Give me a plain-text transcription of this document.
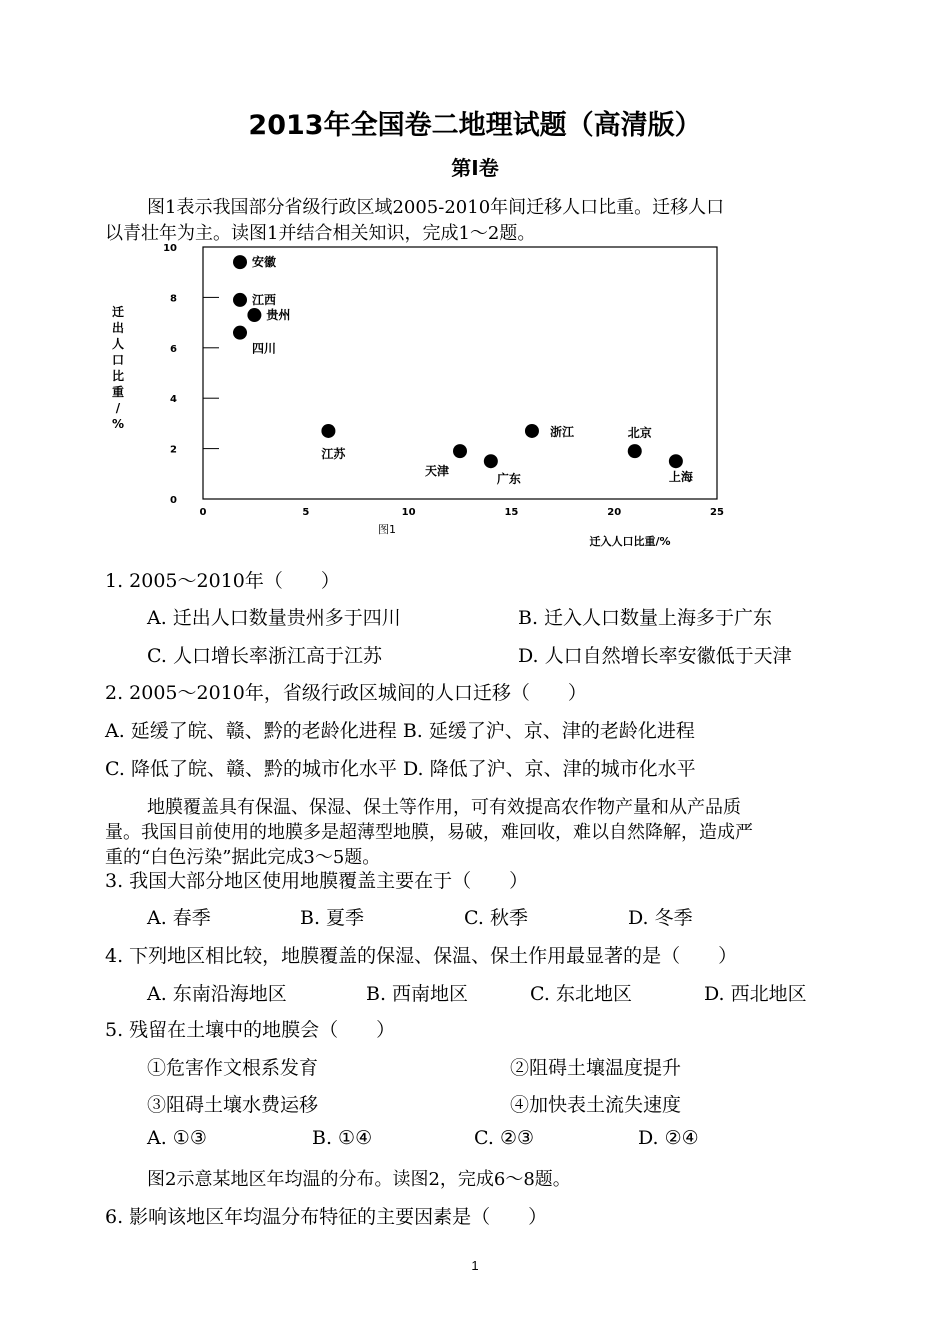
2013年全国卷二地理试题（高清版）
第Ⅰ卷
图1表示我国部分省级行政区域2005-2010年间迁移人口比重。迁移人口
以青壮年为主。读图1并结合相关知识，完成1～2题。
0
2
4
6
8
10
0	5	10	15	20	25
迁
出
人
口
比
重
/
%
迁入人口比重/%
图1
安徽
江西
贵州
四川
江苏
天津
广东
浙江	北京
上海
1. 2005～2010年（　　）
A. 迁出人口数量贵州多于四川	B. 迁入人口数量上海多于广东
C. 人口增长率浙江高于江苏	D. 人口自然增长率安徽低于天津
2. 2005～2010年，省级行政区城间的人口迁移（　　）
A. 延缓了皖、赣、黔的老龄化进程 B. 延缓了沪、京、津的老龄化进程
C. 降低了皖、赣、黔的城市化水平 D. 降低了沪、京、津的城市化水平
地膜覆盖具有保温、保湿、保土等作用，可有效提高农作物产量和从产品质
量。我国目前使用的地膜多是超薄型地膜，易破，难回收，难以自然降解，造成严
重的“白色污染”据此完成3～5题。
3. 我国大部分地区使用地膜覆盖主要在于（　　）
A. 春季	B. 夏季	C. 秋季	D. 冬季
4. 下列地区相比较，地膜覆盖的保湿、保温、保土作用最显著的是（　　）
A. 东南沿海地区	B. 西南地区	C. 东北地区	D. 西北地区
5. 残留在土壤中的地膜会（　　）
①危害作文根系发育	②阻碍土壤温度提升
③阻碍土壤水费运移	④加快表土流失速度
A. ①③	B. ①④	C. ②③	D. ②④
图2示意某地区年均温的分布。读图2，完成6～8题。
6. 影响该地区年均温分布特征的主要因素是（　　）
1
